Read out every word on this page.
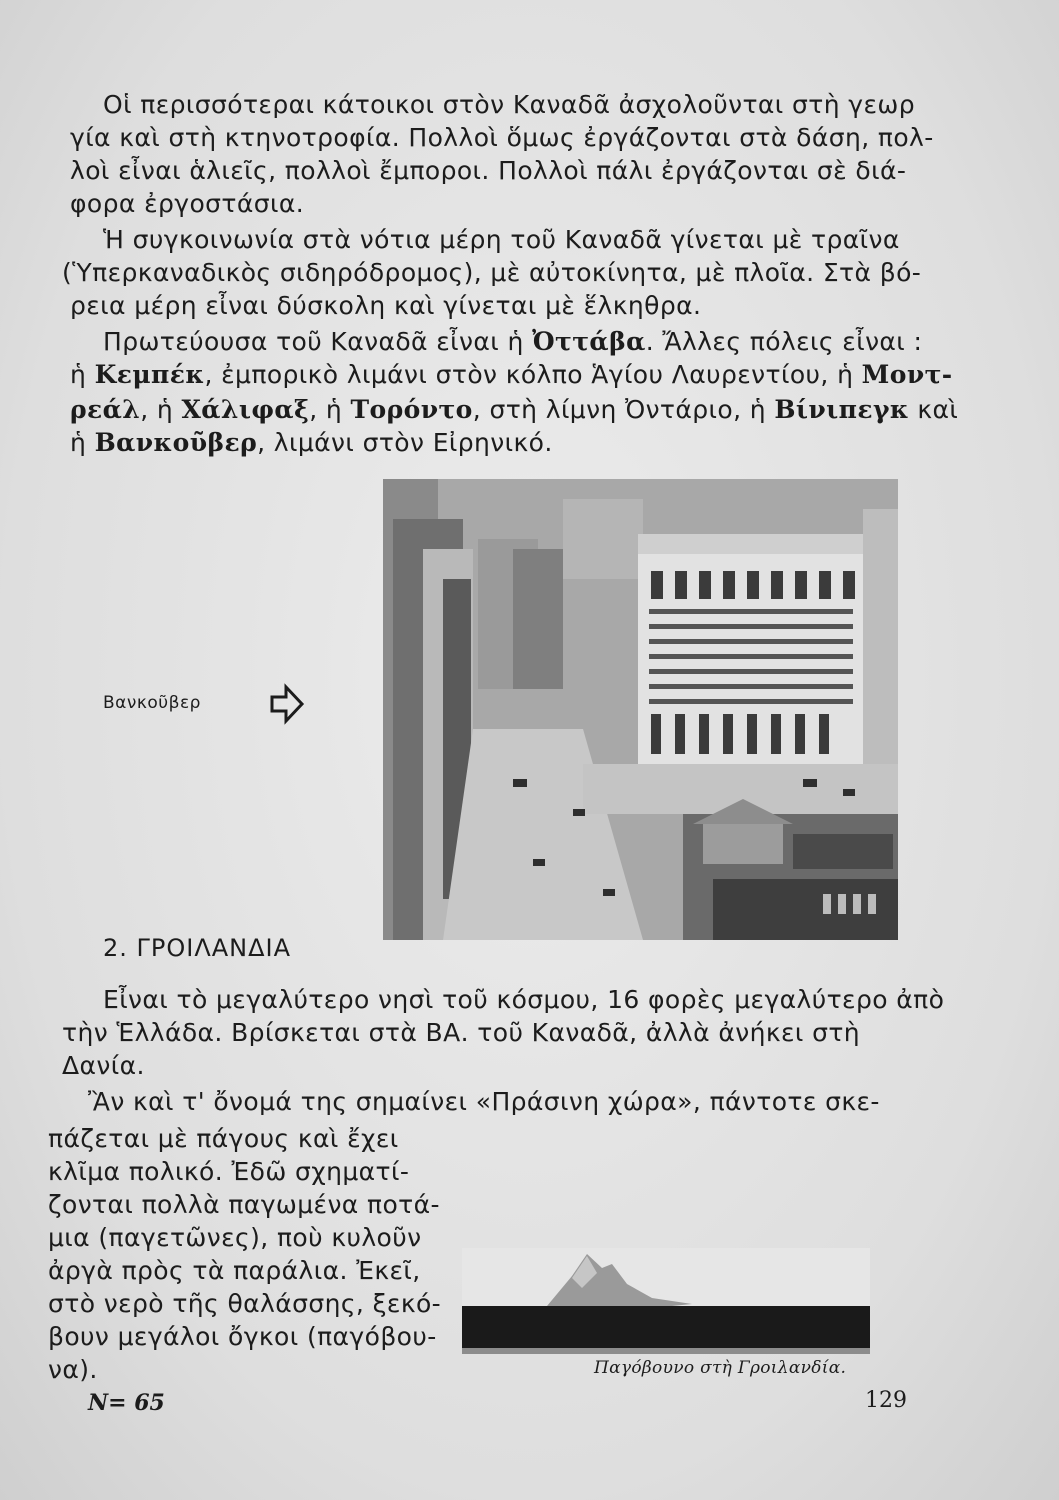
Οἱ περισσότεραι κάτοικοι στὸν Καναδᾶ ἀσχολοῦνται στὴ γεωρ
γία καὶ στὴ κτηνοτροφία. Πολλοὶ ὅμως ἐργάζονται στὰ δάση, πολ-
λοὶ εἶναι ἁλιεῖς, πολλοὶ ἔμποροι. Πολλοὶ πάλι ἐργάζονται σὲ διά-
φορα ἐργοστάσια.
Ἡ συγκοινωνία στὰ νότια μέρη τοῦ Καναδᾶ γίνεται μὲ τραῖνα
(Ὑπερκαναδικὸς σιδηρόδρομος), μὲ αὐτοκίνητα, μὲ πλοῖα. Στὰ βό-
ρεια μέρη εἶναι δύσκολη καὶ γίνεται μὲ ἕλκηθρα.
Πρωτεύουσα τοῦ Καναδᾶ εἶναι ἡ Ὀττάβα. Ἄλλες πόλεις εἶναι :
ἡ Κεμπέκ, ἐμπορικὸ λιμάνι στὸν κόλπο Ἁγίου Λαυρεντίου, ἡ Μοντ-
ρεάλ, ἡ Χάλιφαξ, ἡ Τορόντο, στὴ λίμνη Ὀντάριο, ἡ Βίνιπεγκ καὶ
ἡ Βανκοῦβερ, λιμάνι στὸν Εἰρηνικό.
Βανκοῦβερ
2. ΓΡΟΙΛΑΝΔΙΑ
Εἶναι τὸ μεγαλύτερο νησὶ τοῦ κόσμου, 16 φορὲς μεγαλύτερο ἀπὸ
τὴν Ἑλλάδα. Βρίσκεται στὰ ΒΑ. τοῦ Καναδᾶ, ἀλλὰ ἀνήκει στὴ
Δανία.
Ἂν καὶ τ' ὄνομά της σημαίνει «Πράσινη χώρα», πάντοτε σκε-
πάζεται μὲ πάγους καὶ ἔχει
κλῖμα πολικό. Ἐδῶ σχηματί-
ζονται πολλὰ παγωμένα ποτά-
μια (παγετῶνες), ποὺ κυλοῦν
ἀργὰ πρὸς τὰ παράλια. Ἐκεῖ,
στὸ νερὸ τῆς θαλάσσης, ξεκό-
βουν μεγάλοι ὄγκοι (παγόβου-
να).	Παγόβουνο στὴ Γροιλανδία.
Ν= 65	129
